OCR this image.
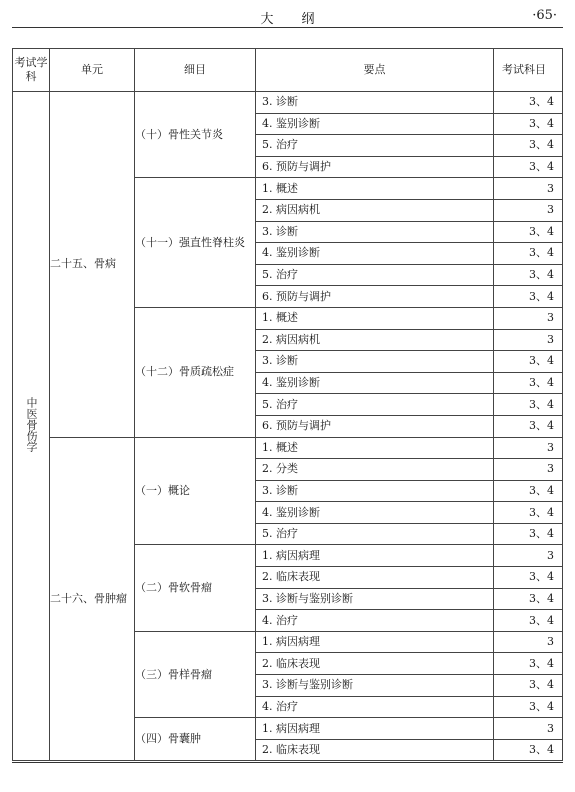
大纲	·65·
考试学科	单元	细目	要点	考试科目
中医骨伤学	二十五、骨病	（十）骨性关节炎	3. 诊断	3、4
			4. 鉴别诊断	3、4
			5. 治疗	3、4
			6. 预防与调护	3、4
		（十一）强直性脊柱炎	1. 概述	3
			2. 病因病机	3
			3. 诊断	3、4
			4. 鉴别诊断	3、4
			5. 治疗	3、4
			6. 预防与调护	3、4
		（十二）骨质疏松症	1. 概述	3
			2. 病因病机	3
			3. 诊断	3、4
			4. 鉴别诊断	3、4
			5. 治疗	3、4
			6. 预防与调护	3、4
	二十六、骨肿瘤	（一）概论	1. 概述	3
			2. 分类	3
			3. 诊断	3、4
			4. 鉴别诊断	3、4
			5. 治疗	3、4
		（二）骨软骨瘤	1. 病因病理	3
			2. 临床表现	3、4
			3. 诊断与鉴别诊断	3、4
			4. 治疗	3、4
		（三）骨样骨瘤	1. 病因病理	3
			2. 临床表现	3、4
			3. 诊断与鉴别诊断	3、4
			4. 治疗	3、4
		（四）骨囊肿	1. 病因病理	3
			2. 临床表现	3、4
